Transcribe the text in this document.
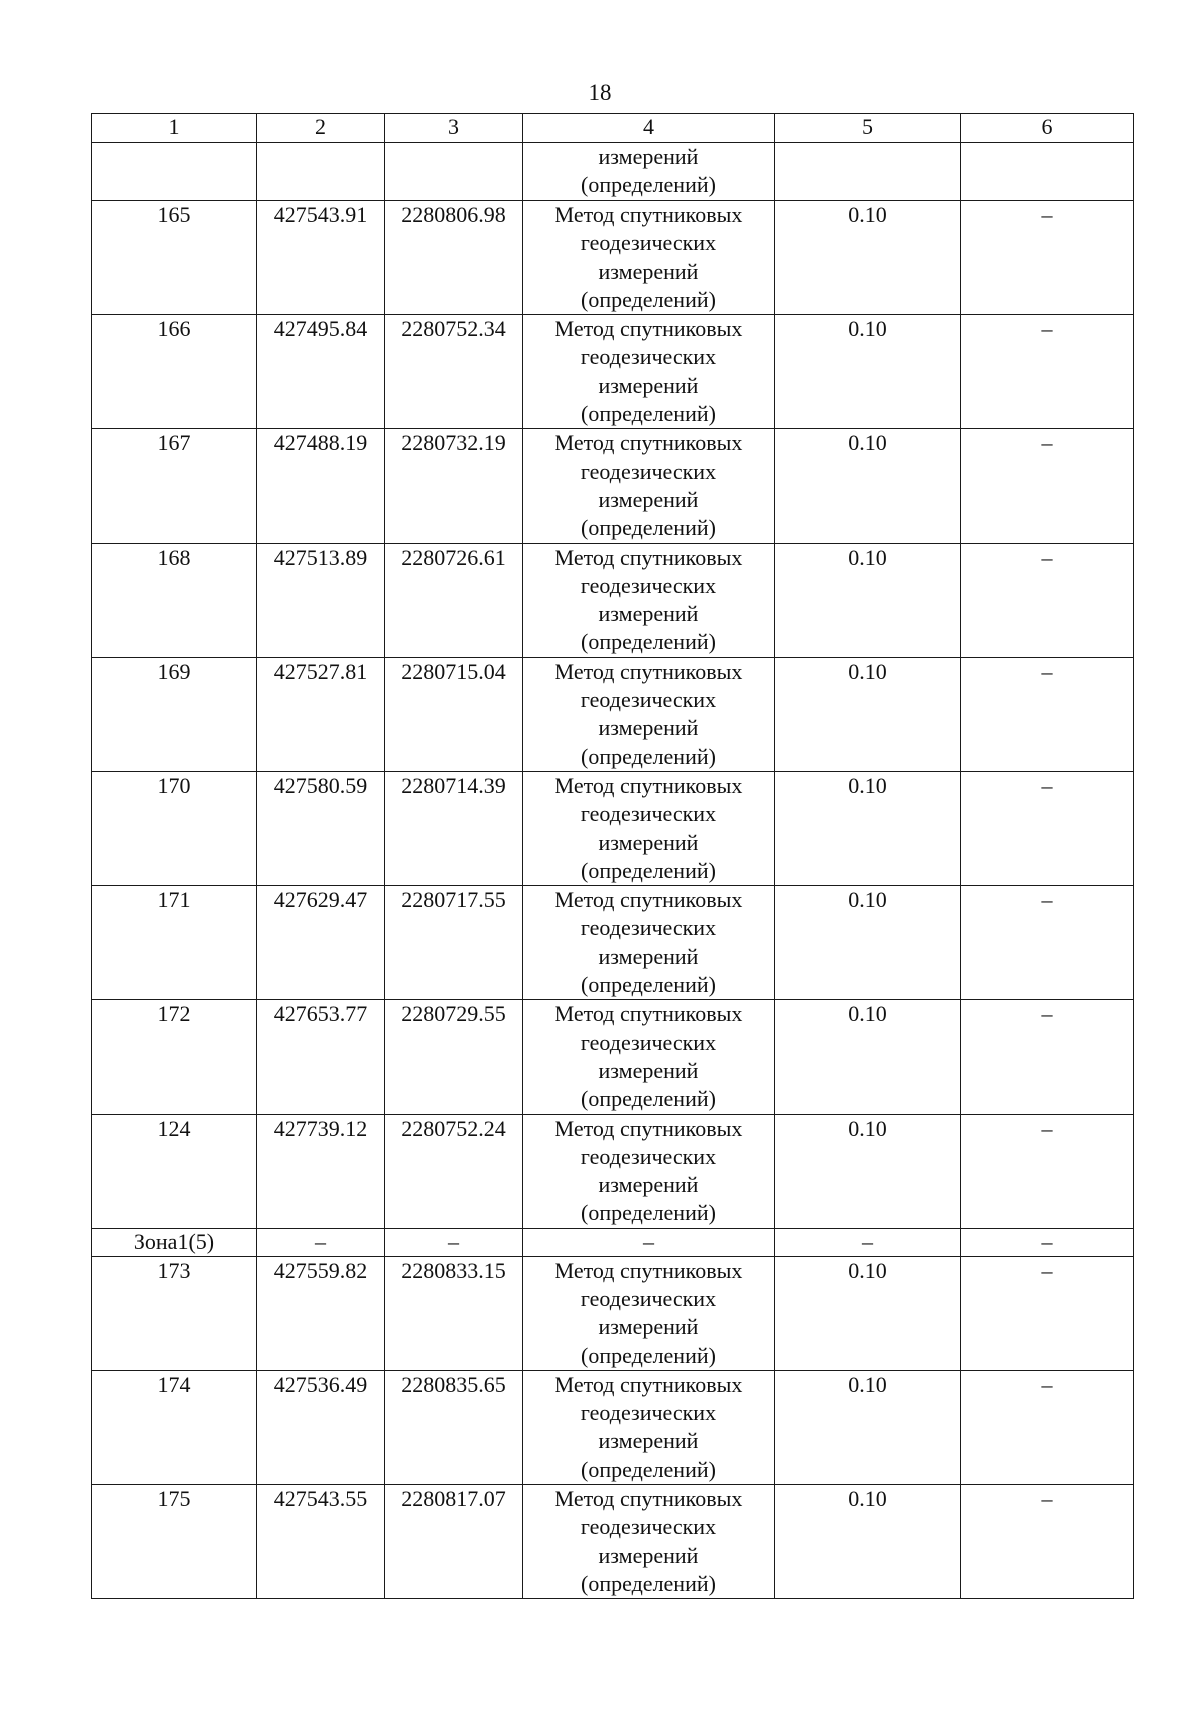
18
1	2	3	4	5	6

			измерений
(определений)		

165	427543.91	2280806.98	Метод спутниковых
геодезических
измерений
(определений)	0.10	–
166	427495.84	2280752.34	Метод спутниковых
геодезических
измерений
(определений)	0.10	–
167	427488.19	2280732.19	Метод спутниковых
геодезических
измерений
(определений)	0.10	–
168	427513.89	2280726.61	Метод спутниковых
геодезических
измерений
(определений)	0.10	–
169	427527.81	2280715.04	Метод спутниковых
геодезических
измерений
(определений)	0.10	–
170	427580.59	2280714.39	Метод спутниковых
геодезических
измерений
(определений)	0.10	–
171	427629.47	2280717.55	Метод спутниковых
геодезических
измерений
(определений)	0.10	–
172	427653.77	2280729.55	Метод спутниковых
геодезических
измерений
(определений)	0.10	–
124	427739.12	2280752.24	Метод спутниковых
геодезических
измерений
(определений)	0.10	–
Зона1(5)	–	–	–	–	–
173	427559.82	2280833.15	Метод спутниковых
геодезических
измерений
(определений)	0.10	–
174	427536.49	2280835.65	Метод спутниковых
геодезических
измерений
(определений)	0.10	–
175	427543.55	2280817.07	Метод спутниковых
геодезических
измерений
(определений)	0.10	–
